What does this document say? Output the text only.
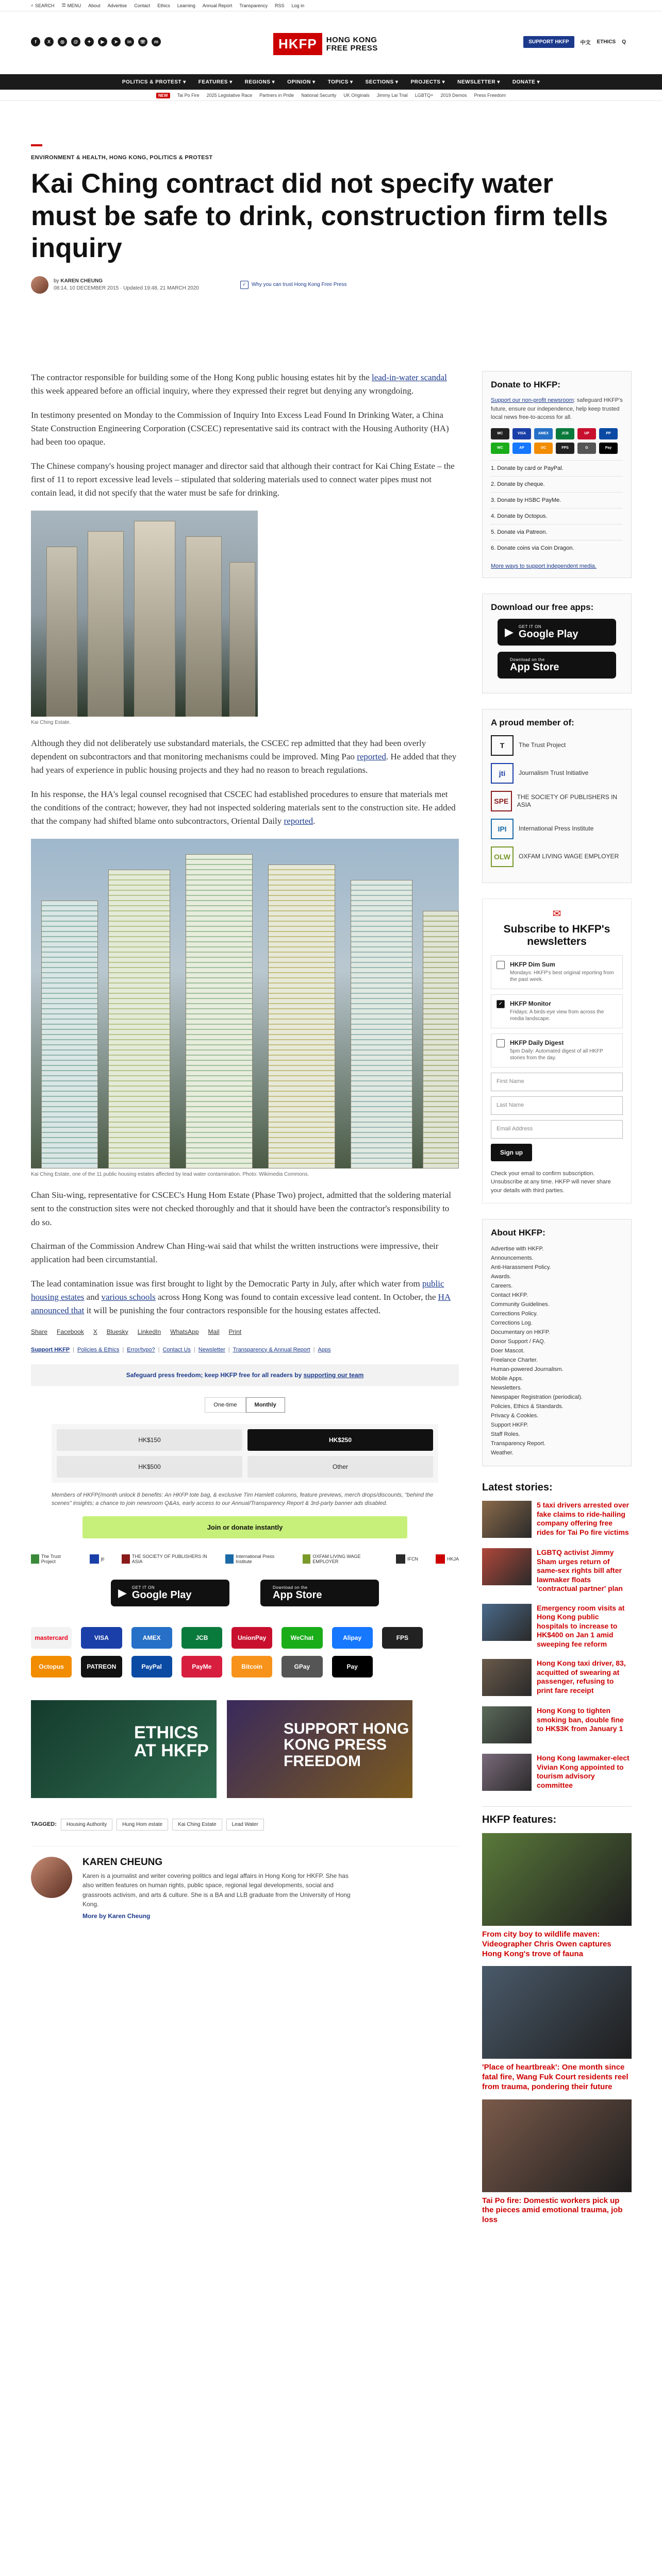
⌕ SEARCH ☰ MENU About Advertise Contact Ethics Learning Annual Report Transparency RSS Log in
f	X	◎	@	✦	▶	➤	in	☏	m	HKFP	HONG KONG
FREE PRESS
SUPPORT HKFP	中文 ETHICS Q
POLITICS & PROTEST ▾ FEATURES ▾ REGIONS ▾ OPINION ▾ TOPICS ▾ SECTIONS ▾ PROJECTS ▾ NEWSLETTER ▾ DONATE ▾
NEW	Tai Po Fire 2025 Legislative Race Partners in Pride National Security UK Originals Jimmy Lai Trial LGBTQ+ 2019 Demos Press Freedom
ENVIRONMENT & HEALTH, HONG KONG, POLITICS & PROTEST
Kai Ching contract did not specify water must be safe to drink, construction firm tells inquiry
by KAREN CHEUNG
08:14, 10 DECEMBER 2015 · Updated 19:48, 21 MARCH 2020
✓	Why you can trust Hong Kong Free Press

The contractor responsible for building some of the Hong Kong public housing estates hit by the lead-in-water scandal this week appeared before an official inquiry, where they expressed their regret but denying any wrongdoing.

In testimony presented on Monday to the Commission of Inquiry Into Excess Lead Found In Drinking Water, a China State Construction Engineering Corporation (CSCEC) representative said its contract with the Housing Authority (HA) had been too opaque.

The Chinese company's housing project manager and director said that although their contract for Kai Ching Estate – the first of 11 to report excessive lead levels – stipulated that soldering materials used to connect water pipes must not contain lead, it did not specify that the water must be safe for drinking.

Kai Ching Estate.

Although they did not deliberately use substandard materials, the CSCEC rep admitted that they had been overly dependent on subcontractors and that monitoring mechanisms could be improved. Ming Pao reported. He added that they had years of experience in public housing projects and they had no reason to breach regulations.

In his response, the HA's legal counsel recognised that CSCEC had established procedures to ensure that materials met the conditions of the contract; however, they had not inspected soldering materials sent to the construction site. He added that the company had shifted blame onto subcontractors, Oriental Daily reported.

Kai Ching Estate, one of the 11 public housing estates affected by lead water contamination. Photo: Wikimedia Commons.

Chan Siu-wing, representative for CSCEC's Hung Hom Estate (Phase Two) project, admitted that the soldering material sent to the construction sites were not checked thoroughly and that it should have been the contractor's responsibility to do so.

Chairman of the Commission Andrew Chan Hing-wai said that whilst the written instructions were impressive, their application had been circumstantial.

The lead contamination issue was first brought to light by the Democratic Party in July, after which water from public housing estates and various schools across Hong Kong was found to contain excessive lead content. In October, the HA announced that it will be punishing the four contractors responsible for the housing estates affected.

Share Facebook X Bluesky LinkedIn WhatsApp Mail Print
Support HKFP | Policies & Ethics | Error/typo? | Contact Us | Newsletter | Transparency & Annual Report | Apps
Safeguard press freedom; keep HKFP free for all readers by supporting our team
One-time	Monthly
HK$150	HK$250
HK$500	Other
Members of HKFP(/month unlock 8 benefits: An HKFP tote bag, & exclusive Tim Hamlett columns, feature previews, merch drops/discounts, "behind the scenes" insights; a chance to join newsroom Q&As, early access to our Annual/Transparency Report & 3rd-party banner ads disabled.
Join or donate instantly
The Trust Project	jti	THE SOCIETY OF PUBLISHERS IN ASIA
International Press Institute
OXFAM LIVING WAGE EMPLOYER	IFCN	HKJA
▶ GET IT ON
Google Play
Download on the
App Store
mastercard	VISA	AMEX	JCB	UnionPay	WeChat	Alipay	FPS
Octopus	PATREON	PayPal	PayMe	Bitcoin	GPay	Pay
ETHICS
AT HKFP
SUPPORT HONG
KONG PRESS
FREEDOM
TAGGED:	Housing Authority	Hung Hom estate	Kai Ching Estate	Lead Water
KAREN CHEUNG
Karen is a journalist and writer covering politics and legal affairs in Hong Kong for HKFP. She has also written features on human rights, public space, regional legal developments, social and grassroots activism, and arts & culture. She is a BA and LLB graduate from the University of Hong Kong.
More by Karen Cheung
Donate to HKFP:
Support our non-profit newsroom: safeguard HKFP's future, ensure our independence, help keep trusted local news free-to-access for all.
MC	VISA	AMEX	JCB	UP	PP
WC	AP	OC	FPS	G	Pay
1. Donate by card or PayPal.
2. Donate by cheque.
3. Donate by HSBC PayMe.
4. Donate by Octopus.
5. Donate via Patreon.
6. Donate coins via Coin Dragon.
More ways to support independent media.
Download our free apps:
▶ GET IT ON
Google Play
Download on the
App Store
A proud member of:
T	The Trust Project
jti	Journalism Trust Initiative
SPE	THE SOCIETY OF PUBLISHERS IN ASIA
IPI	International Press Institute
OLW	OXFAM LIVING WAGE EMPLOYER
✉
Subscribe to HKFP's newsletters
HKFP Dim Sum
Mondays: HKFP's best original reporting from the past week.
✓	HKFP Monitor
Fridays: A birds-eye view from across the media landscape.
HKFP Daily Digest
5pm Daily: Automated digest of all HKFP stories from the day.
First Name
Last Name
Email Address
Sign up
Check your email to confirm subscription. Unsubscribe at any time. HKFP will never share your details with third parties.
About HKFP:
Advertise with HKFP.
Announcements.
Anti-Harassment Policy.
Awards.
Careers.
Contact HKFP.
Community Guidelines.
Corrections Policy.
Corrections Log.
Documentary on HKFP.
Donor Support / FAQ.
Doer Mascot.
Freelance Charter.
Human-powered Journalism.
Mobile Apps.
Newsletters.
Newspaper Registration (periodical).
Policies, Ethics & Standards.
Privacy & Cookies.
Support HKFP.
Staff Roles.
Transparency Report.
Weather.
Latest stories:
5 taxi drivers arrested over fake claims to ride-hailing company offering free rides for Tai Po fire victims
LGBTQ activist Jimmy Sham urges return of same-sex rights bill after lawmaker floats 'contractual partner' plan
Emergency room visits at Hong Kong public hospitals to increase to HK$400 on Jan 1 amid sweeping fee reform
Hong Kong taxi driver, 83, acquitted of swearing at passenger, refusing to print fare receipt
Hong Kong to tighten smoking ban, double fine to HK$3K from January 1
Hong Kong lawmaker-elect Vivian Kong appointed to tourism advisory committee
HKFP features:
From city boy to wildlife maven: Videographer Chris Owen captures Hong Kong's trove of fauna
'Place of heartbreak': One month since fatal fire, Wang Fuk Court residents reel from trauma, pondering their future
Tai Po fire: Domestic workers pick up the pieces amid emotional trauma, job loss
